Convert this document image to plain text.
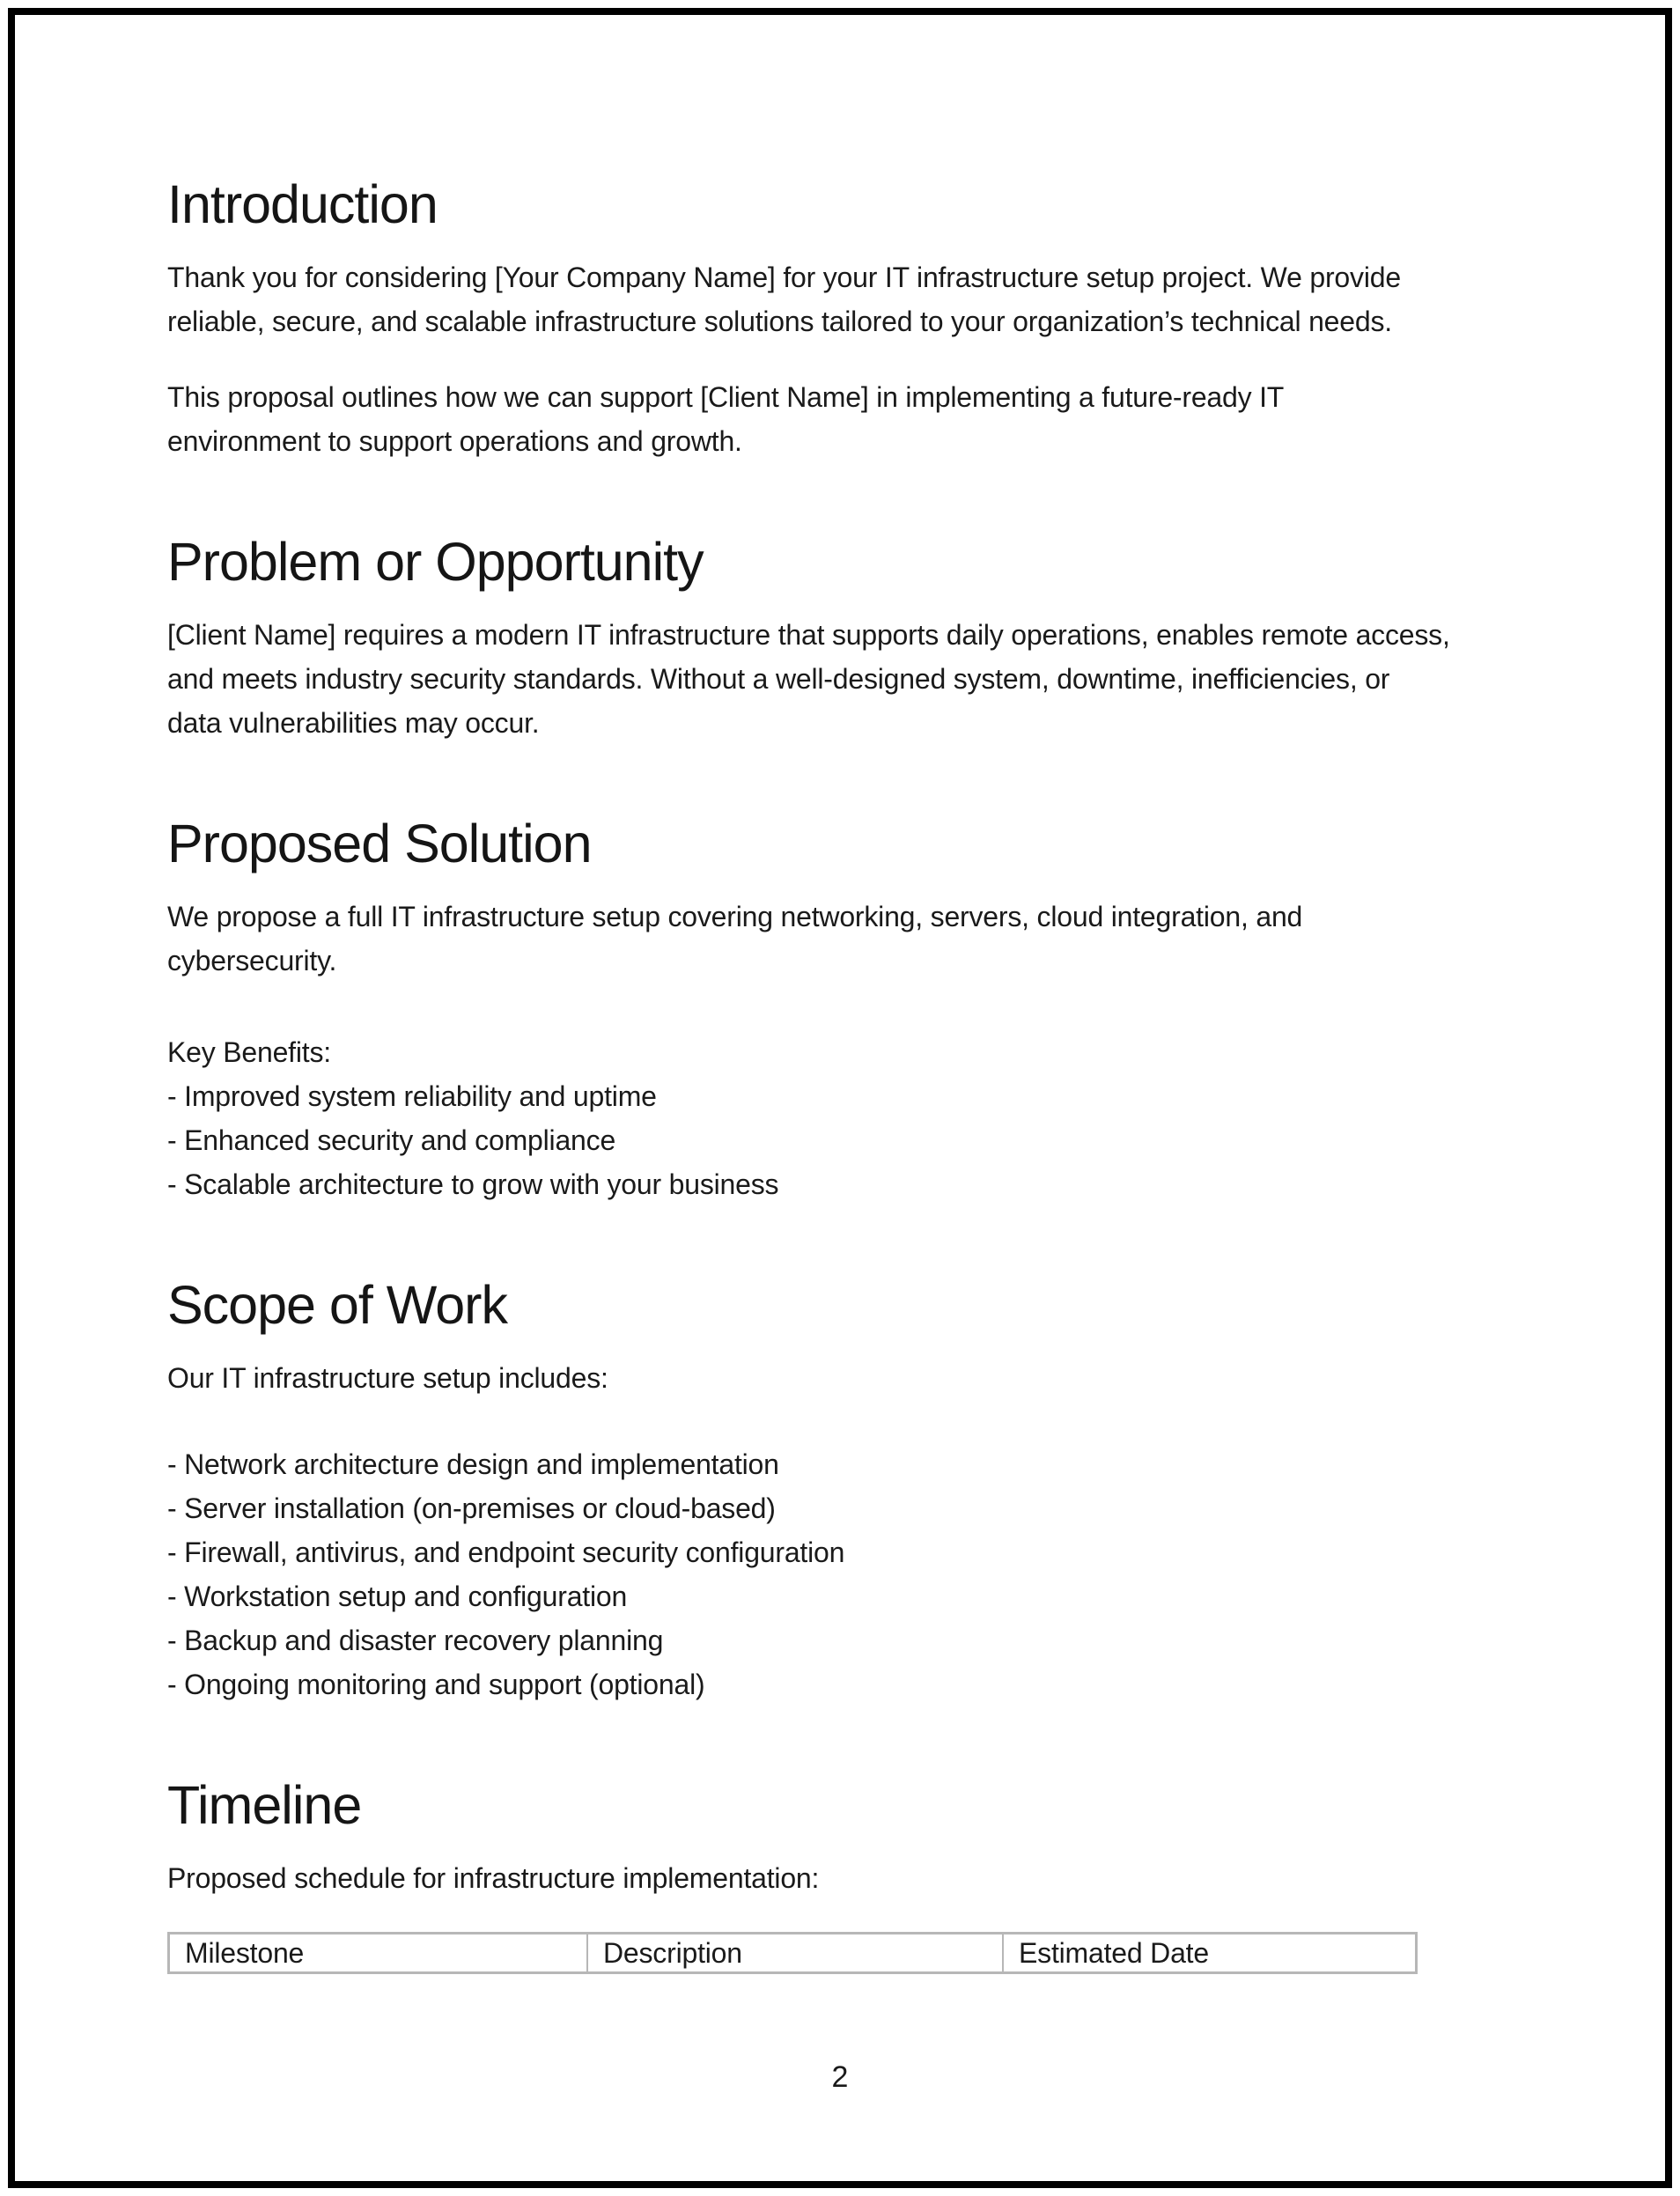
Introduction
Thank you for considering [Your Company Name] for your IT infrastructure setup project. We provide
reliable, secure, and scalable infrastructure solutions tailored to your organization’s technical needs.
This proposal outlines how we can support [Client Name] in implementing a future-ready IT
environment to support operations and growth.
Problem or Opportunity
[Client Name] requires a modern IT infrastructure that supports daily operations, enables remote access,
and meets industry security standards. Without a well-designed system, downtime, inefficiencies, or
data vulnerabilities may occur.
Proposed Solution
We propose a full IT infrastructure setup covering networking, servers, cloud integration, and
cybersecurity.
Key Benefits:
- Improved system reliability and uptime
- Enhanced security and compliance
- Scalable architecture to grow with your business
Scope of Work
Our IT infrastructure setup includes:
- Network architecture design and implementation
- Server installation (on-premises or cloud-based)
- Firewall, antivirus, and endpoint security configuration
- Workstation setup and configuration
- Backup and disaster recovery planning
- Ongoing monitoring and support (optional)
Timeline
Proposed schedule for infrastructure implementation:
Milestone	Description	Estimated Date
2
